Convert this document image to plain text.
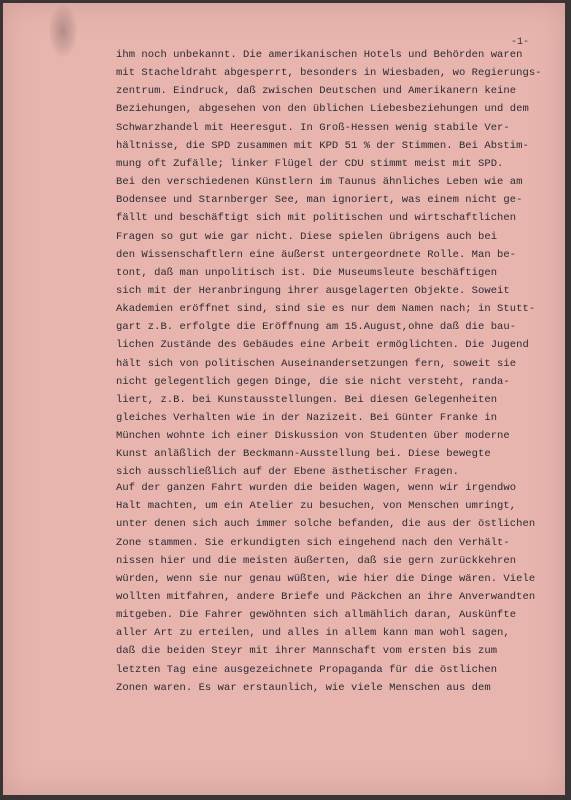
-1-

ihm noch unbekannt. Die amerikanischen Hotels und Behörden waren

mit Stacheldraht abgesperrt, besonders in Wiesbaden, wo Regierungs-

zentrum. Eindruck, daß zwischen Deutschen und Amerikanern keine

Beziehungen, abgesehen von den üblichen Liebesbeziehungen und dem

Schwarzhandel mit Heeresgut. In Groß-Hessen wenig stabile Ver-

hältnisse, die SPD zusammen mit KPD 51 % der Stimmen. Bei Abstim-

mung oft Zufälle; linker Flügel der CDU stimmt meist mit SPD.

Bei den verschiedenen Künstlern im Taunus ähnliches Leben wie am

Bodensee und Starnberger See, man ignoriert, was einem nicht ge-

fällt und beschäftigt sich mit politischen und wirtschaftlichen

Fragen so gut wie gar nicht. Diese spielen übrigens auch bei

den Wissenschaftlern eine äußerst untergeordnete Rolle. Man be-

tont, daß man unpolitisch ist. Die Museumsleute beschäftigen

sich mit der Heranbringung ihrer ausgelagerten Objekte. Soweit

Akademien eröffnet sind, sind sie es nur dem Namen nach; in Stutt-

gart z.B. erfolgte die Eröffnung am 15.August,ohne daß die bau-

lichen Zustände des Gebäudes eine Arbeit ermöglichten. Die Jugend

hält sich von politischen Auseinandersetzungen fern, soweit sie

nicht gelegentlich gegen Dinge, die sie nicht versteht, randa-

liert, z.B. bei Kunstausstellungen. Bei diesen Gelegenheiten

gleiches Verhalten wie in der Nazizeit. Bei Günter Franke in

München wohnte ich einer Diskussion von Studenten über moderne

Kunst anläßlich der Beckmann-Ausstellung bei. Diese bewegte

sich ausschließlich auf der Ebene ästhetischer Fragen.

Auf der ganzen Fahrt wurden die beiden Wagen, wenn wir irgendwo

Halt machten, um ein Atelier zu besuchen, von Menschen umringt,

unter denen sich auch immer solche befanden, die aus der östlichen

Zone stammen. Sie erkundigten sich eingehend nach den Verhält-

nissen hier und die meisten äußerten, daß sie gern zurückkehren

würden, wenn sie nur genau wüßten, wie hier die Dinge wären. Viele

wollten mitfahren, andere Briefe und Päckchen an ihre Anverwandten

mitgeben. Die Fahrer gewöhnten sich allmählich daran, Auskünfte

aller Art zu erteilen, und alles in allem kann man wohl sagen,

daß die beiden Steyr mit ihrer Mannschaft vom ersten bis zum

letzten Tag eine ausgezeichnete Propaganda für die östlichen

Zonen waren. Es war erstaunlich, wie viele Menschen aus dem
